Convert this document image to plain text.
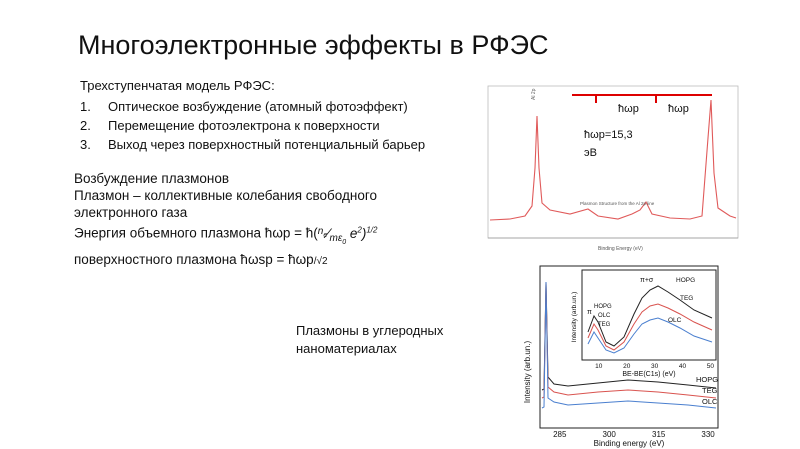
Многоэлектронные эффекты в РФЭС
Трехступенчатая модель РФЭС:
1. Оптическое возбуждение (атомный фотоэффект)
2. Перемещение фотоэлектрона к поверхности
3. Выход через поверхностный потенциальный барьер
Возбуждение плазмонов
Плазмон – коллективные колебания свободного
электронного газа
Энергия объемного плазмона ħωp = $ħ(^{n_e}⁄_{m\varepsilon_0}$ $e^2)^{1/2}$
поверхностного плазмона ħωsp = ħωp/√2
Al 2p
Plasmon Structure from the Al 2p line
Binding Energy (eV)
ħωp	ħωp
ħωp=15,3
эВ
Плазмоны в углеродных
наноматериалах	Intensity (arb.un.)
285	300	315	330
Binding energy (eV)
HOPG
TEG
OLC
Intensity (arb.un.)
10	20	30	40	50
BE-BE(C1s) (eV)
π+σ
π
HOPG
OLC
TEG
HOPG
TEG
OLC
